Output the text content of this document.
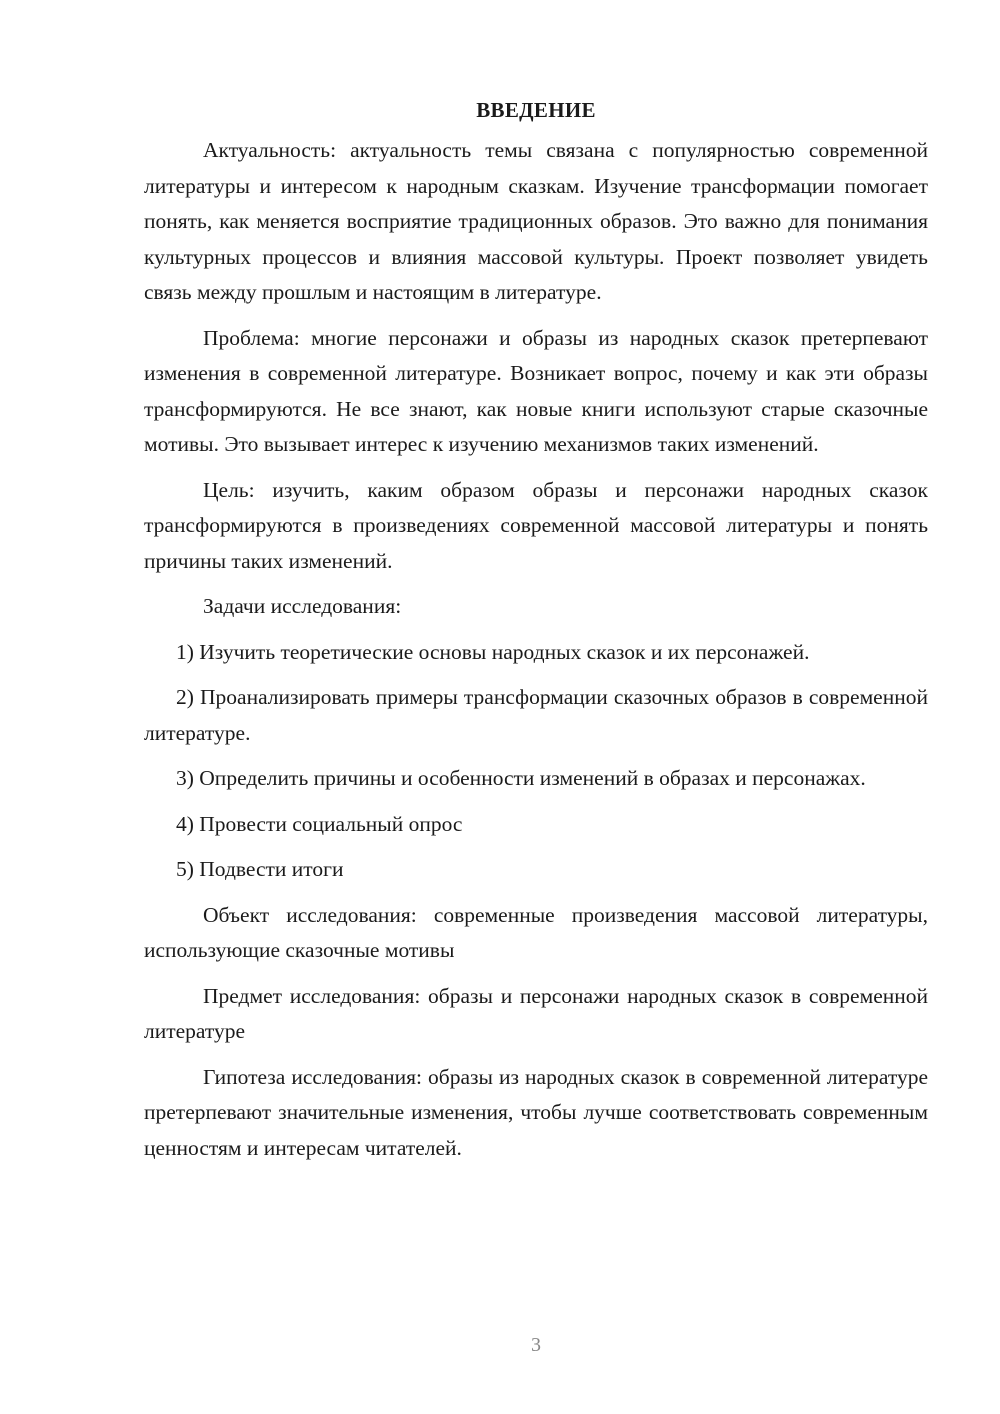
ВВЕДЕНИЕ

Актуальность: актуальность темы связана с популярностью современной литературы и интересом к народным сказкам. Изучение трансформации помогает понять, как меняется восприятие традиционных образов. Это важно для понимания культурных процессов и влияния массовой культуры. Проект позволяет увидеть связь между прошлым и настоящим в литературе.

Проблема: многие персонажи и образы из народных сказок претерпевают изменения в современной литературе. Возникает вопрос, почему и как эти образы трансформируются. Не все знают, как новые книги используют старые сказочные мотивы. Это вызывает интерес к изучению механизмов таких изменений.

Цель: изучить, каким образом образы и персонажи народных сказок трансформируются в произведениях современной массовой литературы и понять причины таких изменений.

Задачи исследования:

1) Изучить теоретические основы народных сказок и их персонажей.

2) Проанализировать примеры трансформации сказочных образов в современной литературе.

3) Определить причины и особенности изменений в образах и персонажах.

4) Провести социальный опрос

5) Подвести итоги

Объект исследования: современные произведения массовой литературы, использующие сказочные мотивы

Предмет исследования: образы и персонажи народных сказок в современной литературе

Гипотеза исследования: образы из народных сказок в современной литературе претерпевают значительные изменения, чтобы лучше соответствовать современным ценностям и интересам читателей.

3
